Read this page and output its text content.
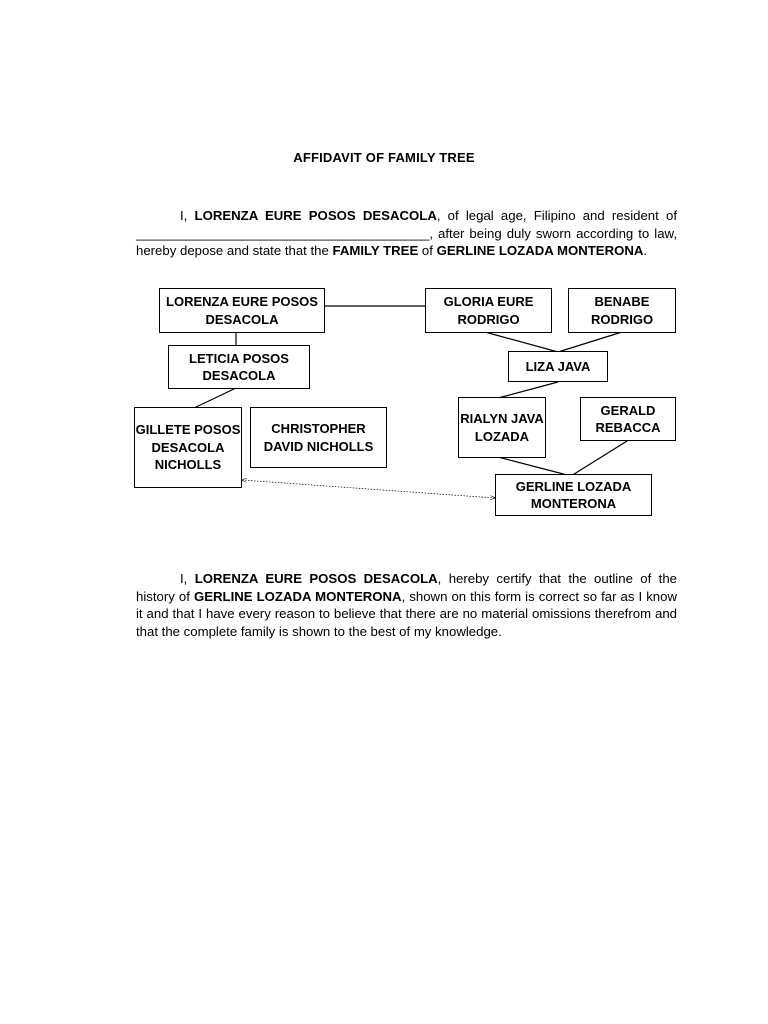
AFFIDAVIT OF FAMILY TREE
I, LORENZA EURE POSOS DESACOLA, of legal age, Filipino and resident of ________________________________________, after being duly sworn according to law, hereby depose and state that the FAMILY TREE of GERLINE LOZADA MONTERONA.
LORENZA EURE POSOS DESACOLA
GLORIA EURE RODRIGO
BENABE RODRIGO
LETICIA POSOS DESACOLA
LIZA JAVA
GILLETE POSOS DESACOLA NICHOLLS
CHRISTOPHER DAVID NICHOLLS
RIALYN JAVA LOZADA
GERALD REBACCA
GERLINE LOZADA MONTERONA
I, LORENZA EURE POSOS DESACOLA, hereby certify that the outline of the history of GERLINE LOZADA MONTERONA, shown on this form is correct so far as I know it and that I have every reason to believe that there are no material omissions therefrom and that the complete family is shown to the best of my knowledge.
